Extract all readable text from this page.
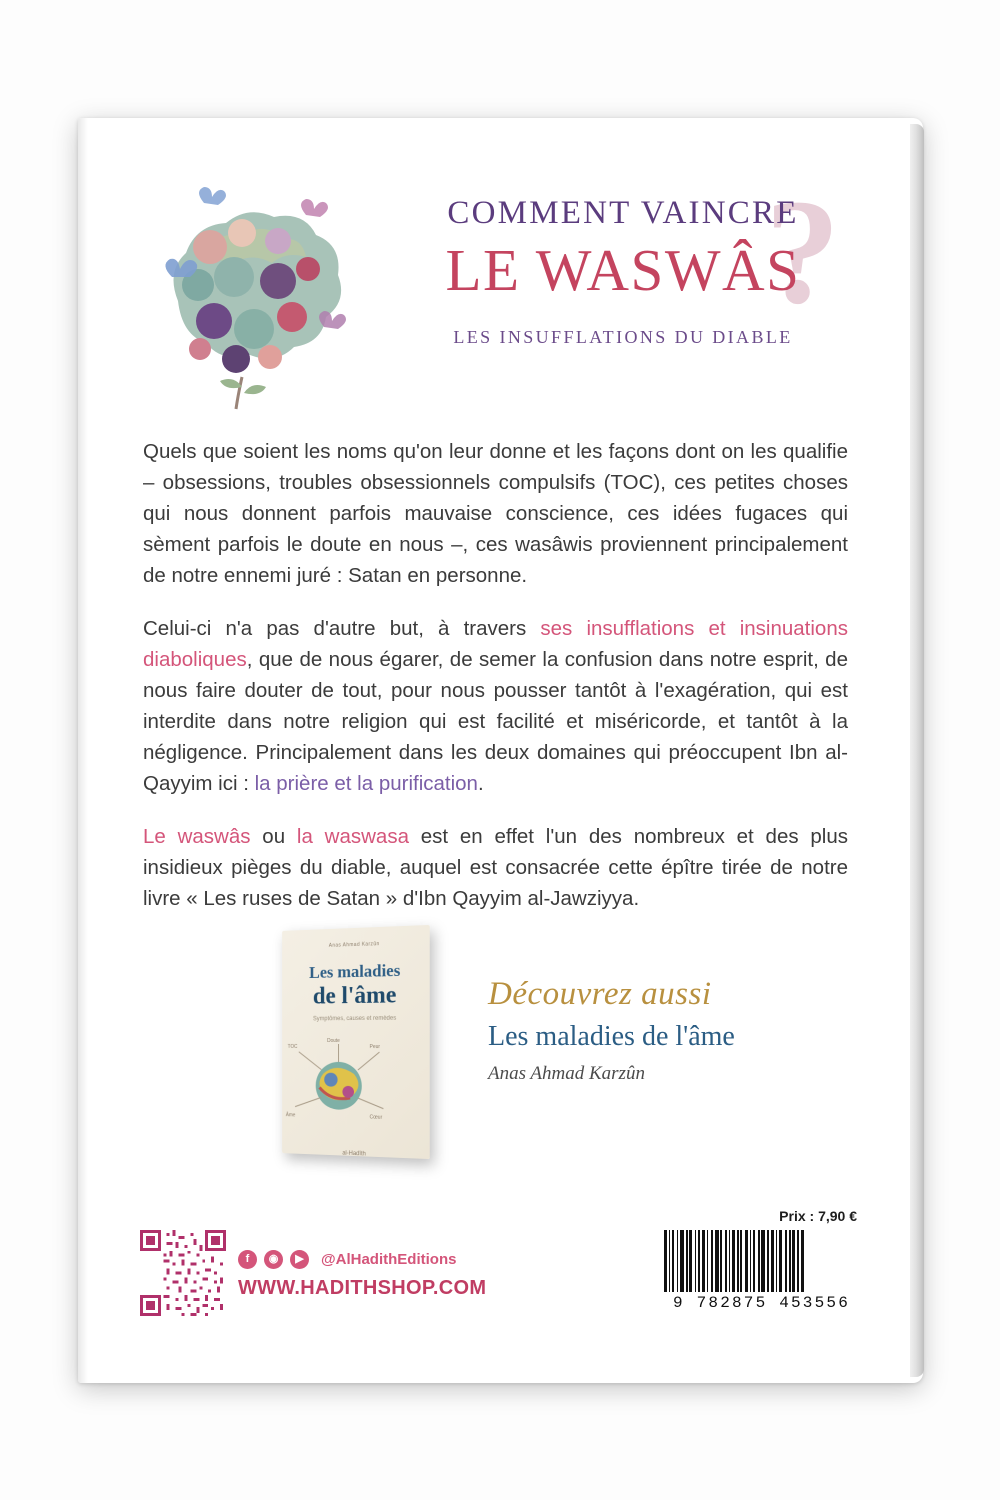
?
COMMENT VAINCRE
LE WASWÂS
LES INSUFFLATIONS DU DIABLE

Quels que soient les noms qu'on leur donne et les façons dont on les qualifie – obsessions, troubles obsessionnels compulsifs (TOC), ces petites choses qui nous donnent parfois mauvaise conscience, ces idées fugaces qui sèment parfois le doute en nous –, ces wasâwis proviennent principalement de notre ennemi juré : Satan en personne.

Celui-ci n'a pas d'autre but, à travers ses insufflations et insinuations diaboliques, que de nous égarer, de semer la confusion dans notre esprit, de nous faire douter de tout, pour nous pousser tantôt à l'exagération, qui est interdite dans notre religion qui est facilité et miséricorde, et tantôt à la négligence. Principalement dans les deux domaines qui préoccupent Ibn al-Qayyim ici : la prière et la purification.

Le waswâs ou la waswasa est en effet l'un des nombreux et des plus insidieux pièges du diable, auquel est consacrée cette épître tirée de notre livre « Les ruses de Satan » d'Ibn Qayyim al-Jawziyya.

Anas Ahmad Karzûn
Les maladies
de l'âme
Symptômes, causes et remèdes
TOC
Doute
Peur
Âme	Cœur
al-Hadîth
Découvrez aussi
Les maladies de l'âme
Anas Ahmad Karzûn
Prix : 7,90 €
f	◉	▶	@AlHadithEditions
WWW.HADITHSHOP.COM
9 782875 453556
